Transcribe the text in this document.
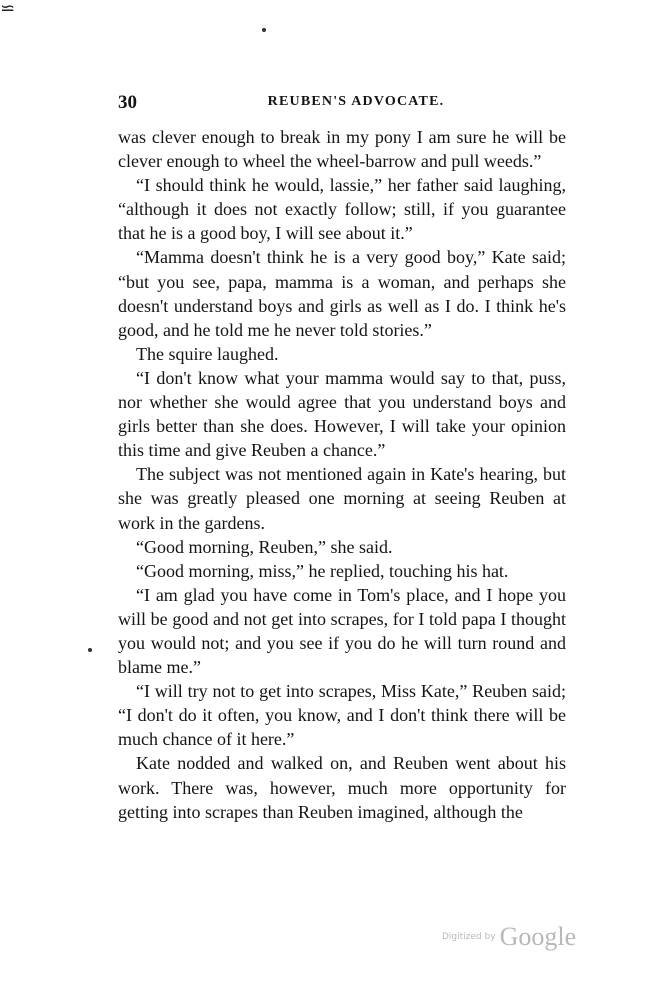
⋍
30	REUBEN'S ADVOCATE.

was clever enough to break in my pony I am sure he will be clever enough to wheel the wheel-barrow and pull weeds.”

“I should think he would, lassie,” her father said laughing, “although it does not exactly follow; still, if you guarantee that he is a good boy, I will see about it.”

“Mamma doesn't think he is a very good boy,” Kate said; “but you see, papa, mamma is a woman, and perhaps she doesn't understand boys and girls as well as I do. I think he's good, and he told me he never told stories.”

The squire laughed.

“I don't know what your mamma would say to that, puss, nor whether she would agree that you understand boys and girls better than she does. However, I will take your opinion this time and give Reuben a chance.”

The subject was not mentioned again in Kate's hearing, but she was greatly pleased one morning at seeing Reuben at work in the gardens.

“Good morning, Reuben,” she said.

“Good morning, miss,” he replied, touching his hat.

“I am glad you have come in Tom's place, and I hope you will be good and not get into scrapes, for I told papa I thought you would not; and you see if you do he will turn round and blame me.”

“I will try not to get into scrapes, Miss Kate,” Reuben said; “I don't do it often, you know, and I don't think there will be much chance of it here.”

Kate nodded and walked on, and Reuben went about his work. There was, however, much more opportunity for getting into scrapes than Reuben imagined, although the

Digitized by Google
